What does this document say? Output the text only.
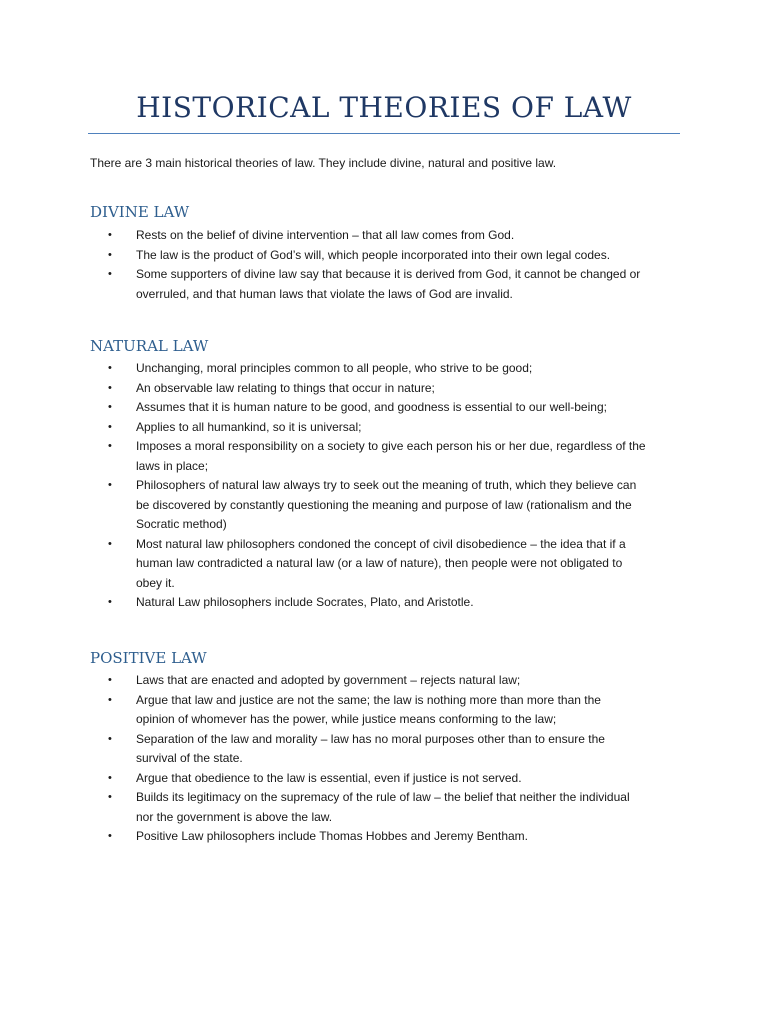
HISTORICAL THEORIES OF LAW
There are 3 main historical theories of law. They include divine, natural and positive law.
DIVINE LAW
• Rests on the belief of divine intervention – that all law comes from God.
• The law is the product of God’s will, which people incorporated into their own legal codes.
• Some supporters of divine law say that because it is derived from God, it cannot be changed or
overruled, and that human laws that violate the laws of God are invalid.
NATURAL LAW
• Unchanging, moral principles common to all people, who strive to be good;
• An observable law relating to things that occur in nature;
• Assumes that it is human nature to be good, and goodness is essential to our well-being;
• Applies to all humankind, so it is universal;
• Imposes a moral responsibility on a society to give each person his or her due, regardless of the
laws in place;
• Philosophers of natural law always try to seek out the meaning of truth, which they believe can
be discovered by constantly questioning the meaning and purpose of law (rationalism and the
Socratic method)
• Most natural law philosophers condoned the concept of civil disobedience – the idea that if a
human law contradicted a natural law (or a law of nature), then people were not obligated to
obey it.
• Natural Law philosophers include Socrates, Plato, and Aristotle.
POSITIVE LAW
• Laws that are enacted and adopted by government – rejects natural law;
• Argue that law and justice are not the same; the law is nothing more than more than the
opinion of whomever has the power, while justice means conforming to the law;
• Separation of the law and morality – law has no moral purposes other than to ensure the
survival of the state.
• Argue that obedience to the law is essential, even if justice is not served.
• Builds its legitimacy on the supremacy of the rule of law – the belief that neither the individual
nor the government is above the law.
• Positive Law philosophers include Thomas Hobbes and Jeremy Bentham.
